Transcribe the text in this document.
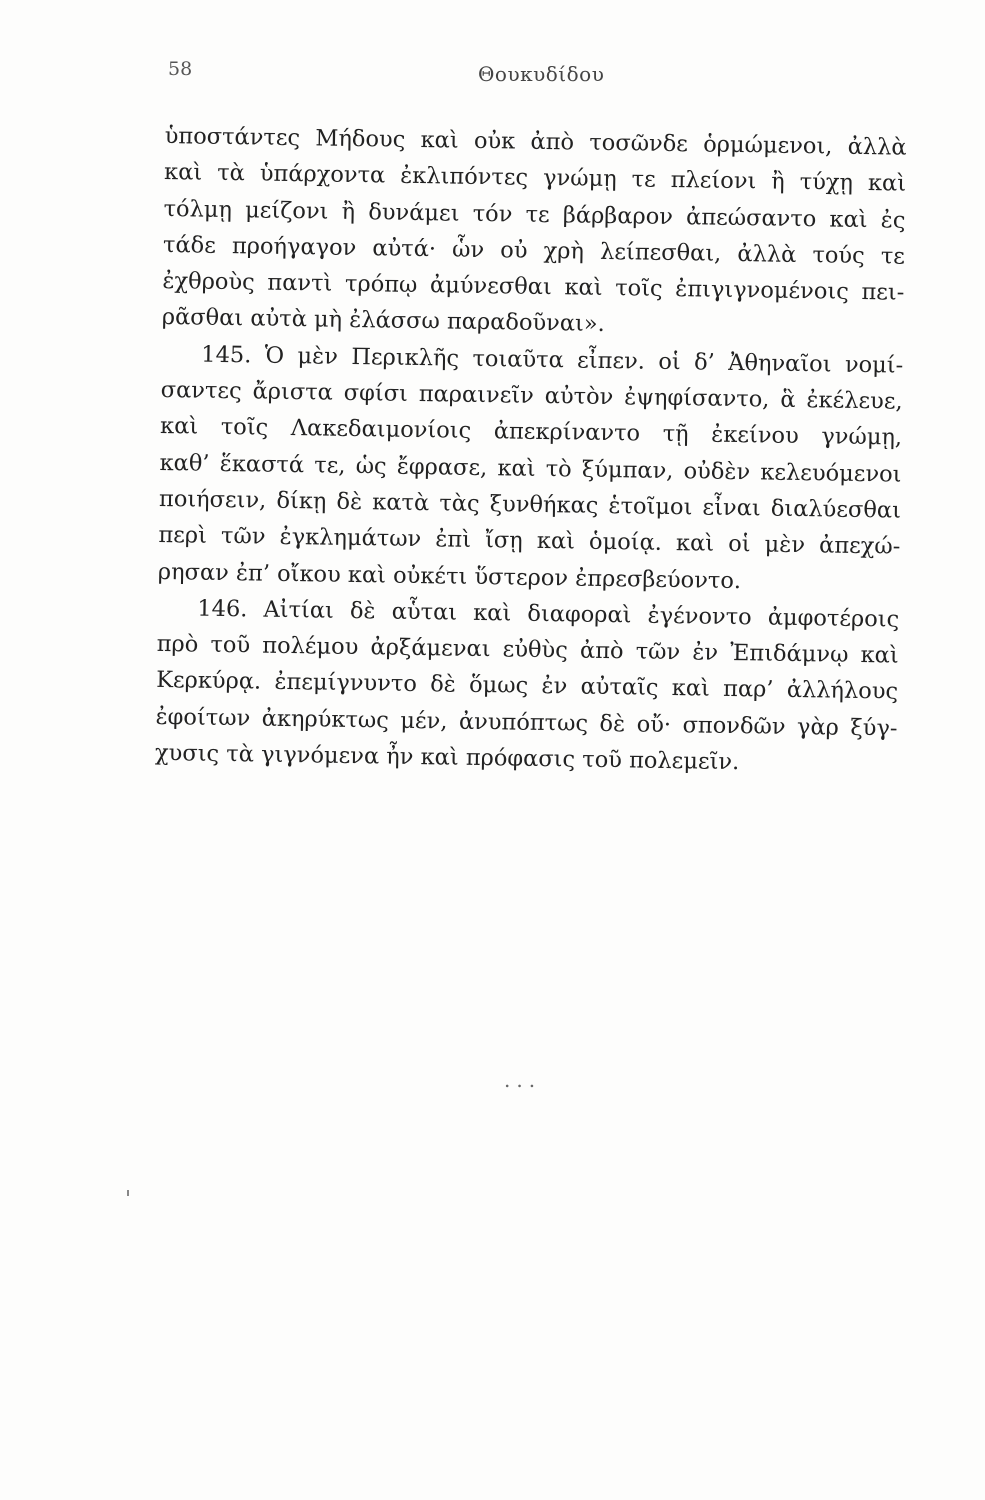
58	Θουκυδίδου
ὑποστάντες Μήδους καὶ οὐκ ἀπὸ τοσῶνδε ὁρμώμενοι, ἀλλὰ
καὶ τὰ ὑπάρχοντα ἐκλιπόντες γνώμῃ τε πλείονι ἢ τύχῃ καὶ
τόλμῃ μείζονι ἢ δυνάμει τόν τε βάρβαρον ἀπεώσαντο καὶ ἐς
τάδε προήγαγον αὐτά· ὧν οὐ χρὴ λείπεσθαι, ἀλλὰ τούς τε
ἐχθροὺς παντὶ τρόπῳ ἀμύνεσθαι καὶ τοῖς ἐπιγιγνομένοις πει-
ρᾶσθαι αὐτὰ μὴ ἐλάσσω παραδοῦναι».
145. Ὁ μὲν Περικλῆς τοιαῦτα εἶπεν. οἱ δ’ Ἀθηναῖοι νομί-
σαντες ἄριστα σφίσι παραινεῖν αὐτὸν ἐψηφίσαντο, ἃ ἐκέλευε,
καὶ τοῖς Λακεδαιμονίοις ἀπεκρίναντο τῇ ἐκείνου γνώμῃ,
καθ’ ἕκαστά τε, ὡς ἔφρασε, καὶ τὸ ξύμπαν, οὐδὲν κελευόμενοι
ποιήσειν, δίκῃ δὲ κατὰ τὰς ξυνθήκας ἑτοῖμοι εἶναι διαλύεσθαι
περὶ τῶν ἐγκλημάτων ἐπὶ ἴσῃ καὶ ὁμοίᾳ. καὶ οἱ μὲν ἀπεχώ-
ρησαν ἐπ’ οἴκου καὶ οὐκέτι ὕστερον ἐπρεσβεύοντο.
146. Αἰτίαι δὲ αὗται καὶ διαφοραὶ ἐγένοντο ἀμφοτέροις
πρὸ τοῦ πολέμου ἀρξάμεναι εὐθὺς ἀπὸ τῶν ἐν Ἐπιδάμνῳ καὶ
Κερκύρᾳ. ἐπεμίγνυντο δὲ ὅμως ἐν αὐταῖς καὶ παρ’ ἀλλήλους
ἐφοίτων ἀκηρύκτως μέν, ἀνυπόπτως δὲ οὔ· σπονδῶν γὰρ ξύγ-
χυσις τὰ γιγνόμενα ἦν καὶ πρόφασις τοῦ πολεμεῖν.
...
